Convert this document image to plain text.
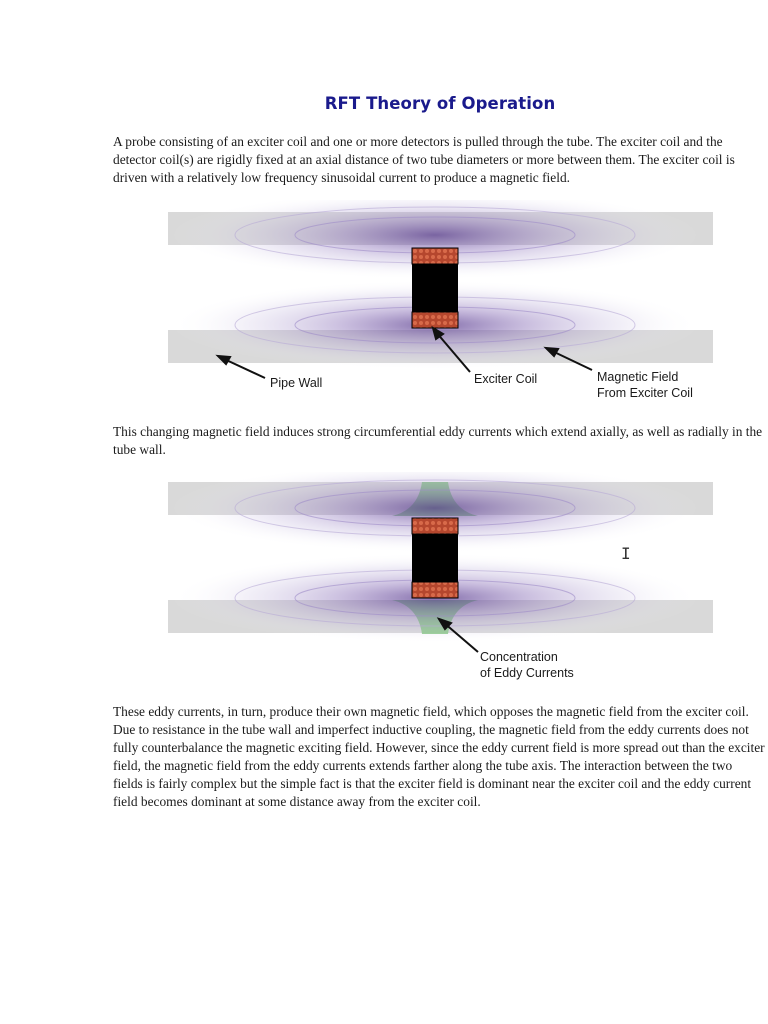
RFT Theory of Operation

A probe consisting of an exciter coil and one or more detectors is pulled through the tube. The exciter coil and the detector coil(s) are rigidly fixed at an axial distance of two tube diameters or more between them. The exciter coil is driven with a relatively low frequency sinusoidal current to produce a magnetic field.

Pipe Wall	Exciter Coil	Magnetic Field
From Exciter Coil

This changing magnetic field induces strong circumferential eddy currents which extend axially, as well as radially in the tube wall.

Concentration
of Eddy Currents
I

These eddy currents, in turn, produce their own magnetic field, which opposes the magnetic field from the exciter coil. Due to resistance in the tube wall and imperfect inductive coupling, the magnetic field from the eddy currents does not fully counterbalance the magnetic exciting field. However, since the eddy current field is more spread out than the exciter field, the magnetic field from the eddy currents extends farther along the tube axis. The interaction between the two fields is fairly complex but the simple fact is that the exciter field is dominant near the exciter coil and the eddy current field becomes dominant at some distance away from the exciter coil.
